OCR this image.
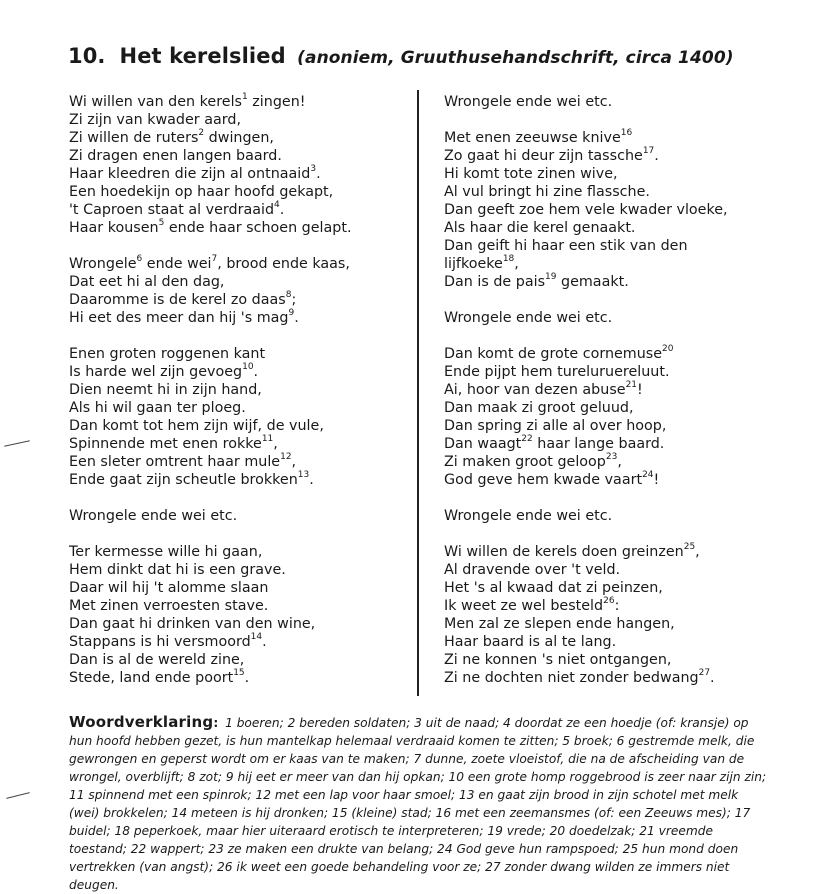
10. Het kerelslied (anoniem, Gruuthusehandschrift, circa 1400)
Wi willen van den kerels$^1$ zingen!
Zi zijn van kwader aard,
Zi willen de ruters$^2$ dwingen,
Zi dragen enen langen baard.
Haar kleedren die zijn al ontnaaid$^3$.
Een hoedekijn op haar hoofd gekapt,
't Caproen staat al verdraaid$^4$.
Haar kousen$^5$ ende haar schoen gelapt.
Wrongele$^6$ ende wei$^7$, brood ende kaas,
Dat eet hi al den dag,
Daaromme is de kerel zo daas$^8$;
Hi eet des meer dan hij 's mag$^9$.
Enen groten roggenen kant
Is harde wel zijn gevoeg$^{10}$.
Dien neemt hi in zijn hand,
Als hi wil gaan ter ploeg.
Dan komt tot hem zijn wijf, de vule,
Spinnende met enen rokke$^{11}$,
Een sleter omtrent haar mule$^{12}$,
Ende gaat zijn scheutle brokken$^{13}$.
Wrongele ende wei etc.
Ter kermesse wille hi gaan,
Hem dinkt dat hi is een grave.
Daar wil hij 't alomme slaan
Met zinen verroesten stave.
Dan gaat hi drinken van den wine,
Stappans is hi versmoord$^{14}$.
Dan is al de wereld zine,
Stede, land ende poort$^{15}$.
Wrongele ende wei etc.
Met enen zeeuwse knive$^{16}$
Zo gaat hi deur zijn tassche$^{17}$.
Hi komt tote zinen wive,
Al vul bringt hi zine flassche.
Dan geeft zoe hem vele kwader vloeke,
Als haar die kerel genaakt.
Dan geift hi haar een stik van den
lijfkoeke$^{18}$,
Dan is de pais$^{19}$ gemaakt.
Wrongele ende wei etc.
Dan komt de grote cornemuse$^{20}$
Ende pijpt hem tureluruereluut.
Ai, hoor van dezen abuse$^{21}$!
Dan maak zi groot geluud,
Dan spring zi alle al over hoop,
Dan waagt$^{22}$ haar lange baard.
Zi maken groot geloop$^{23}$,
God geve hem kwade vaart$^{24}$!
Wrongele ende wei etc.
Wi willen de kerels doen greinzen$^{25}$,
Al dravende over 't veld.
Het 's al kwaad dat zi peinzen,
Ik weet ze wel besteld$^{26}$:
Men zal ze slepen ende hangen,
Haar baard is al te lang.
Zi ne konnen 's niet ontgangen,
Zi ne dochten niet zonder bedwang$^{27}$.
Woordverklaring: 1 boeren; 2 bereden soldaten; 3 uit de naad; 4 doordat ze een hoedje (of: kransje) op hun hoofd hebben gezet, is hun mantelkap helemaal verdraaid komen te zitten; 5 broek; 6 gestremde melk, die gewrongen en geperst wordt om er kaas van te maken; 7 dunne, zoete vloeistof, die na de afscheiding van de wrongel, overblijft; 8 zot; 9 hij eet er meer van dan hij opkan; 10 een grote homp roggebrood is zeer naar zijn zin; 11 spinnend met een spinrok; 12 met een lap voor haar smoel; 13 en gaat zijn brood in zijn schotel met melk (wei) brokkelen; 14 meteen is hij dronken; 15 (kleine) stad; 16 met een zeemansmes (of: een Zeeuws mes); 17 buidel; 18 peperkoek, maar hier uiteraard erotisch te interpreteren; 19 vrede; 20 doedelzak; 21 vreemde toestand; 22 wappert; 23 ze maken een drukte van belang; 24 God geve hun rampspoed; 25 hun mond doen vertrekken (van angst); 26 ik weet een goede behandeling voor ze; 27 zonder dwang wilden ze immers niet deugen.
